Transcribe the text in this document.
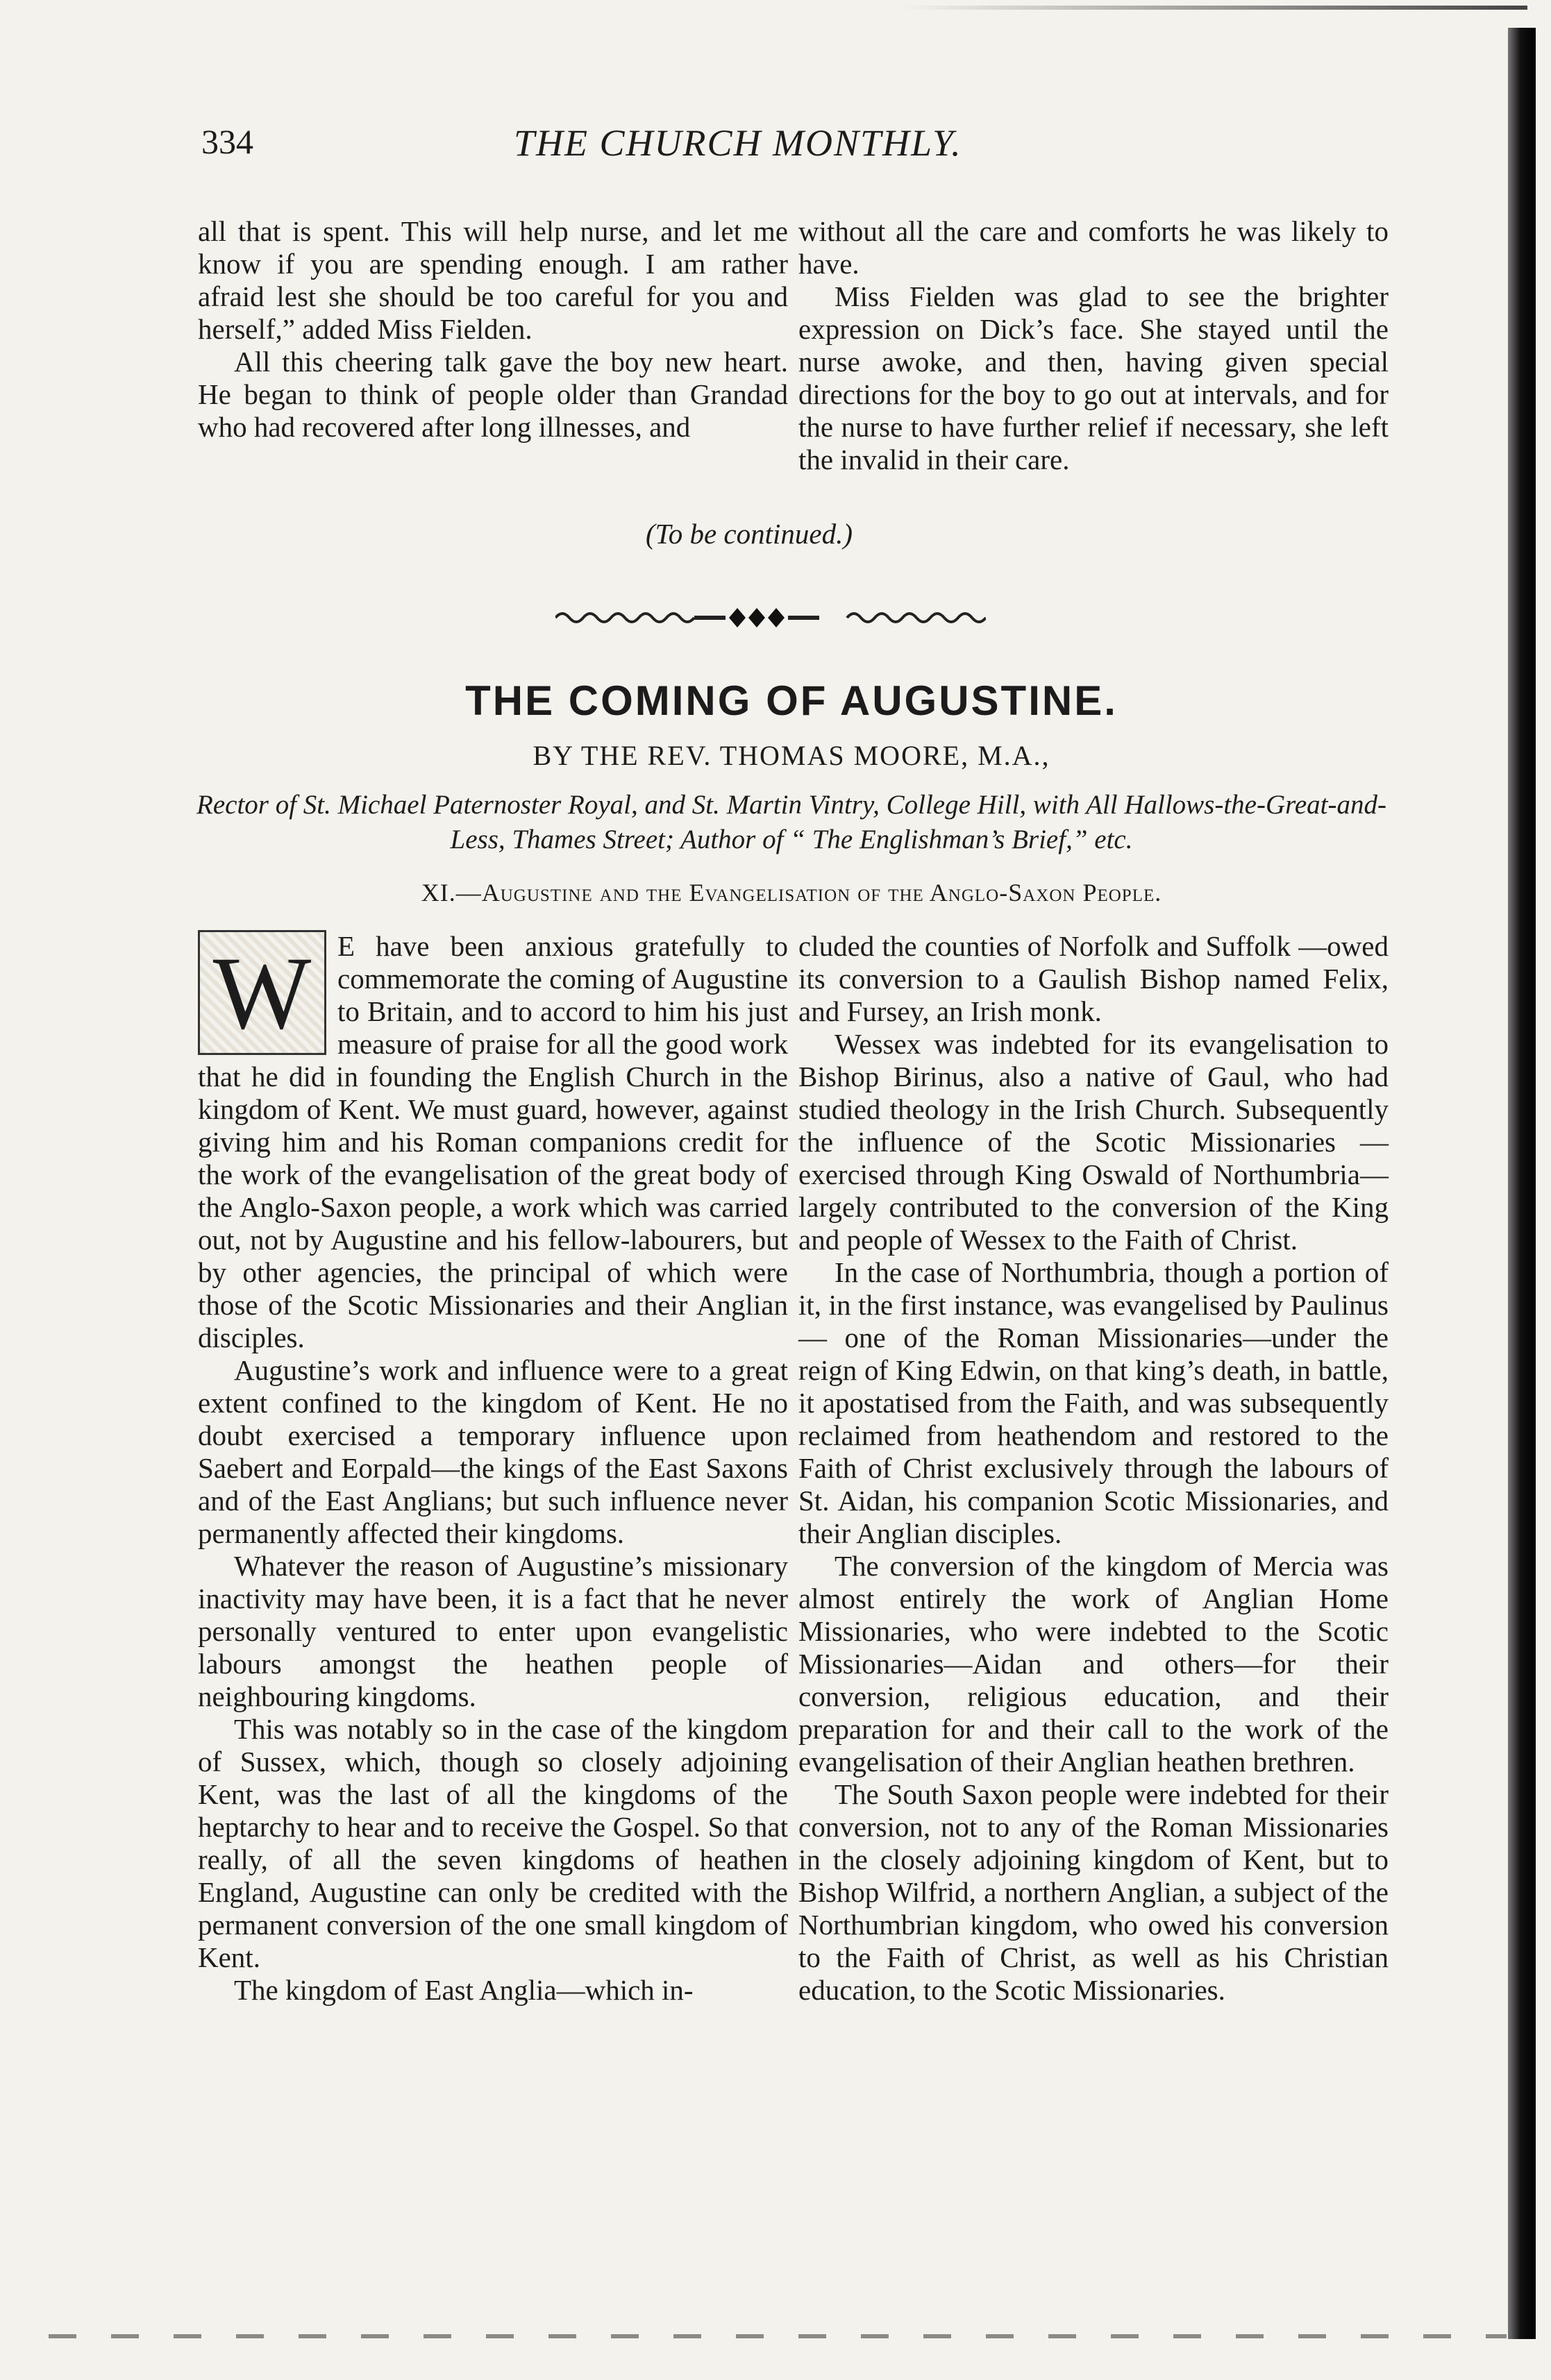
334	THE CHURCH MONTHLY.

all that is spent. This will help nurse, and let me know if you are spending enough. I am rather afraid lest she should be too careful for you and herself,” added Miss Fielden.

All this cheering talk gave the boy new heart. He began to think of people older than Grandad who had recovered after long illnesses, and

without all the care and comforts he was likely to have.

Miss Fielden was glad to see the brighter expression on Dick’s face. She stayed until the nurse awoke, and then, having given special directions for the boy to go out at intervals, and for the nurse to have further relief if necessary, she left the invalid in their care.

(To be continued.)
THE COMING OF AUGUSTINE.
BY THE REV. THOMAS MOORE, M.A.,
Rector of St. Michael Paternoster Royal, and St. Martin Vintry, College Hill, with All Hallows-the-Great-and-Less, Thames Street; Author of “ The Englishman’s Brief,” etc.
XI.—Augustine and the Evangelisation of the Anglo-Saxon People.

W E have been anxious gratefully to commemorate the coming of Augustine to Britain, and to accord to him his just measure of praise for all the good work that he did in founding the English Church in the kingdom of Kent. We must guard, however, against giving him and his Roman companions credit for the work of the evangelisation of the great body of the Anglo-Saxon people, a work which was carried out, not by Augustine and his fellow-labourers, but by other agencies, the principal of which were those of the Scotic Missionaries and their Anglian disciples.

Augustine’s work and influence were to a great extent confined to the kingdom of Kent. He no doubt exercised a temporary influence upon Saebert and Eorpald—the kings of the East Saxons and of the East Anglians; but such influence never permanently affected their kingdoms.

Whatever the reason of Augustine’s missionary inactivity may have been, it is a fact that he never personally ventured to enter upon evangelistic labours amongst the heathen people of neighbouring kingdoms.

This was notably so in the case of the kingdom of Sussex, which, though so closely adjoining Kent, was the last of all the kingdoms of the heptarchy to hear and to receive the Gospel. So that really, of all the seven kingdoms of heathen England, Augustine can only be credited with the permanent conversion of the one small kingdom of Kent.

The kingdom of East Anglia—which in-

cluded the counties of Norfolk and Suffolk —owed its conversion to a Gaulish Bishop named Felix, and Fursey, an Irish monk.

Wessex was indebted for its evangelisation to Bishop Birinus, also a native of Gaul, who had studied theology in the Irish Church. Subsequently the influence of the Scotic Missionaries — exercised through King Oswald of Northumbria—largely contributed to the conversion of the King and people of Wessex to the Faith of Christ.

In the case of Northumbria, though a portion of it, in the first instance, was evangelised by Paulinus — one of the Roman Missionaries—under the reign of King Edwin, on that king’s death, in battle, it apostatised from the Faith, and was subsequently reclaimed from heathendom and restored to the Faith of Christ exclusively through the labours of St. Aidan, his companion Scotic Missionaries, and their Anglian disciples.

The conversion of the kingdom of Mercia was almost entirely the work of Anglian Home Missionaries, who were indebted to the Scotic Missionaries—Aidan and others—for their conversion, religious education, and their preparation for and their call to the work of the evangelisation of their Anglian heathen brethren.

The South Saxon people were indebted for their conversion, not to any of the Roman Missionaries in the closely adjoining kingdom of Kent, but to Bishop Wilfrid, a northern Anglian, a subject of the Northumbrian kingdom, who owed his conversion to the Faith of Christ, as well as his Christian education, to the Scotic Missionaries.
